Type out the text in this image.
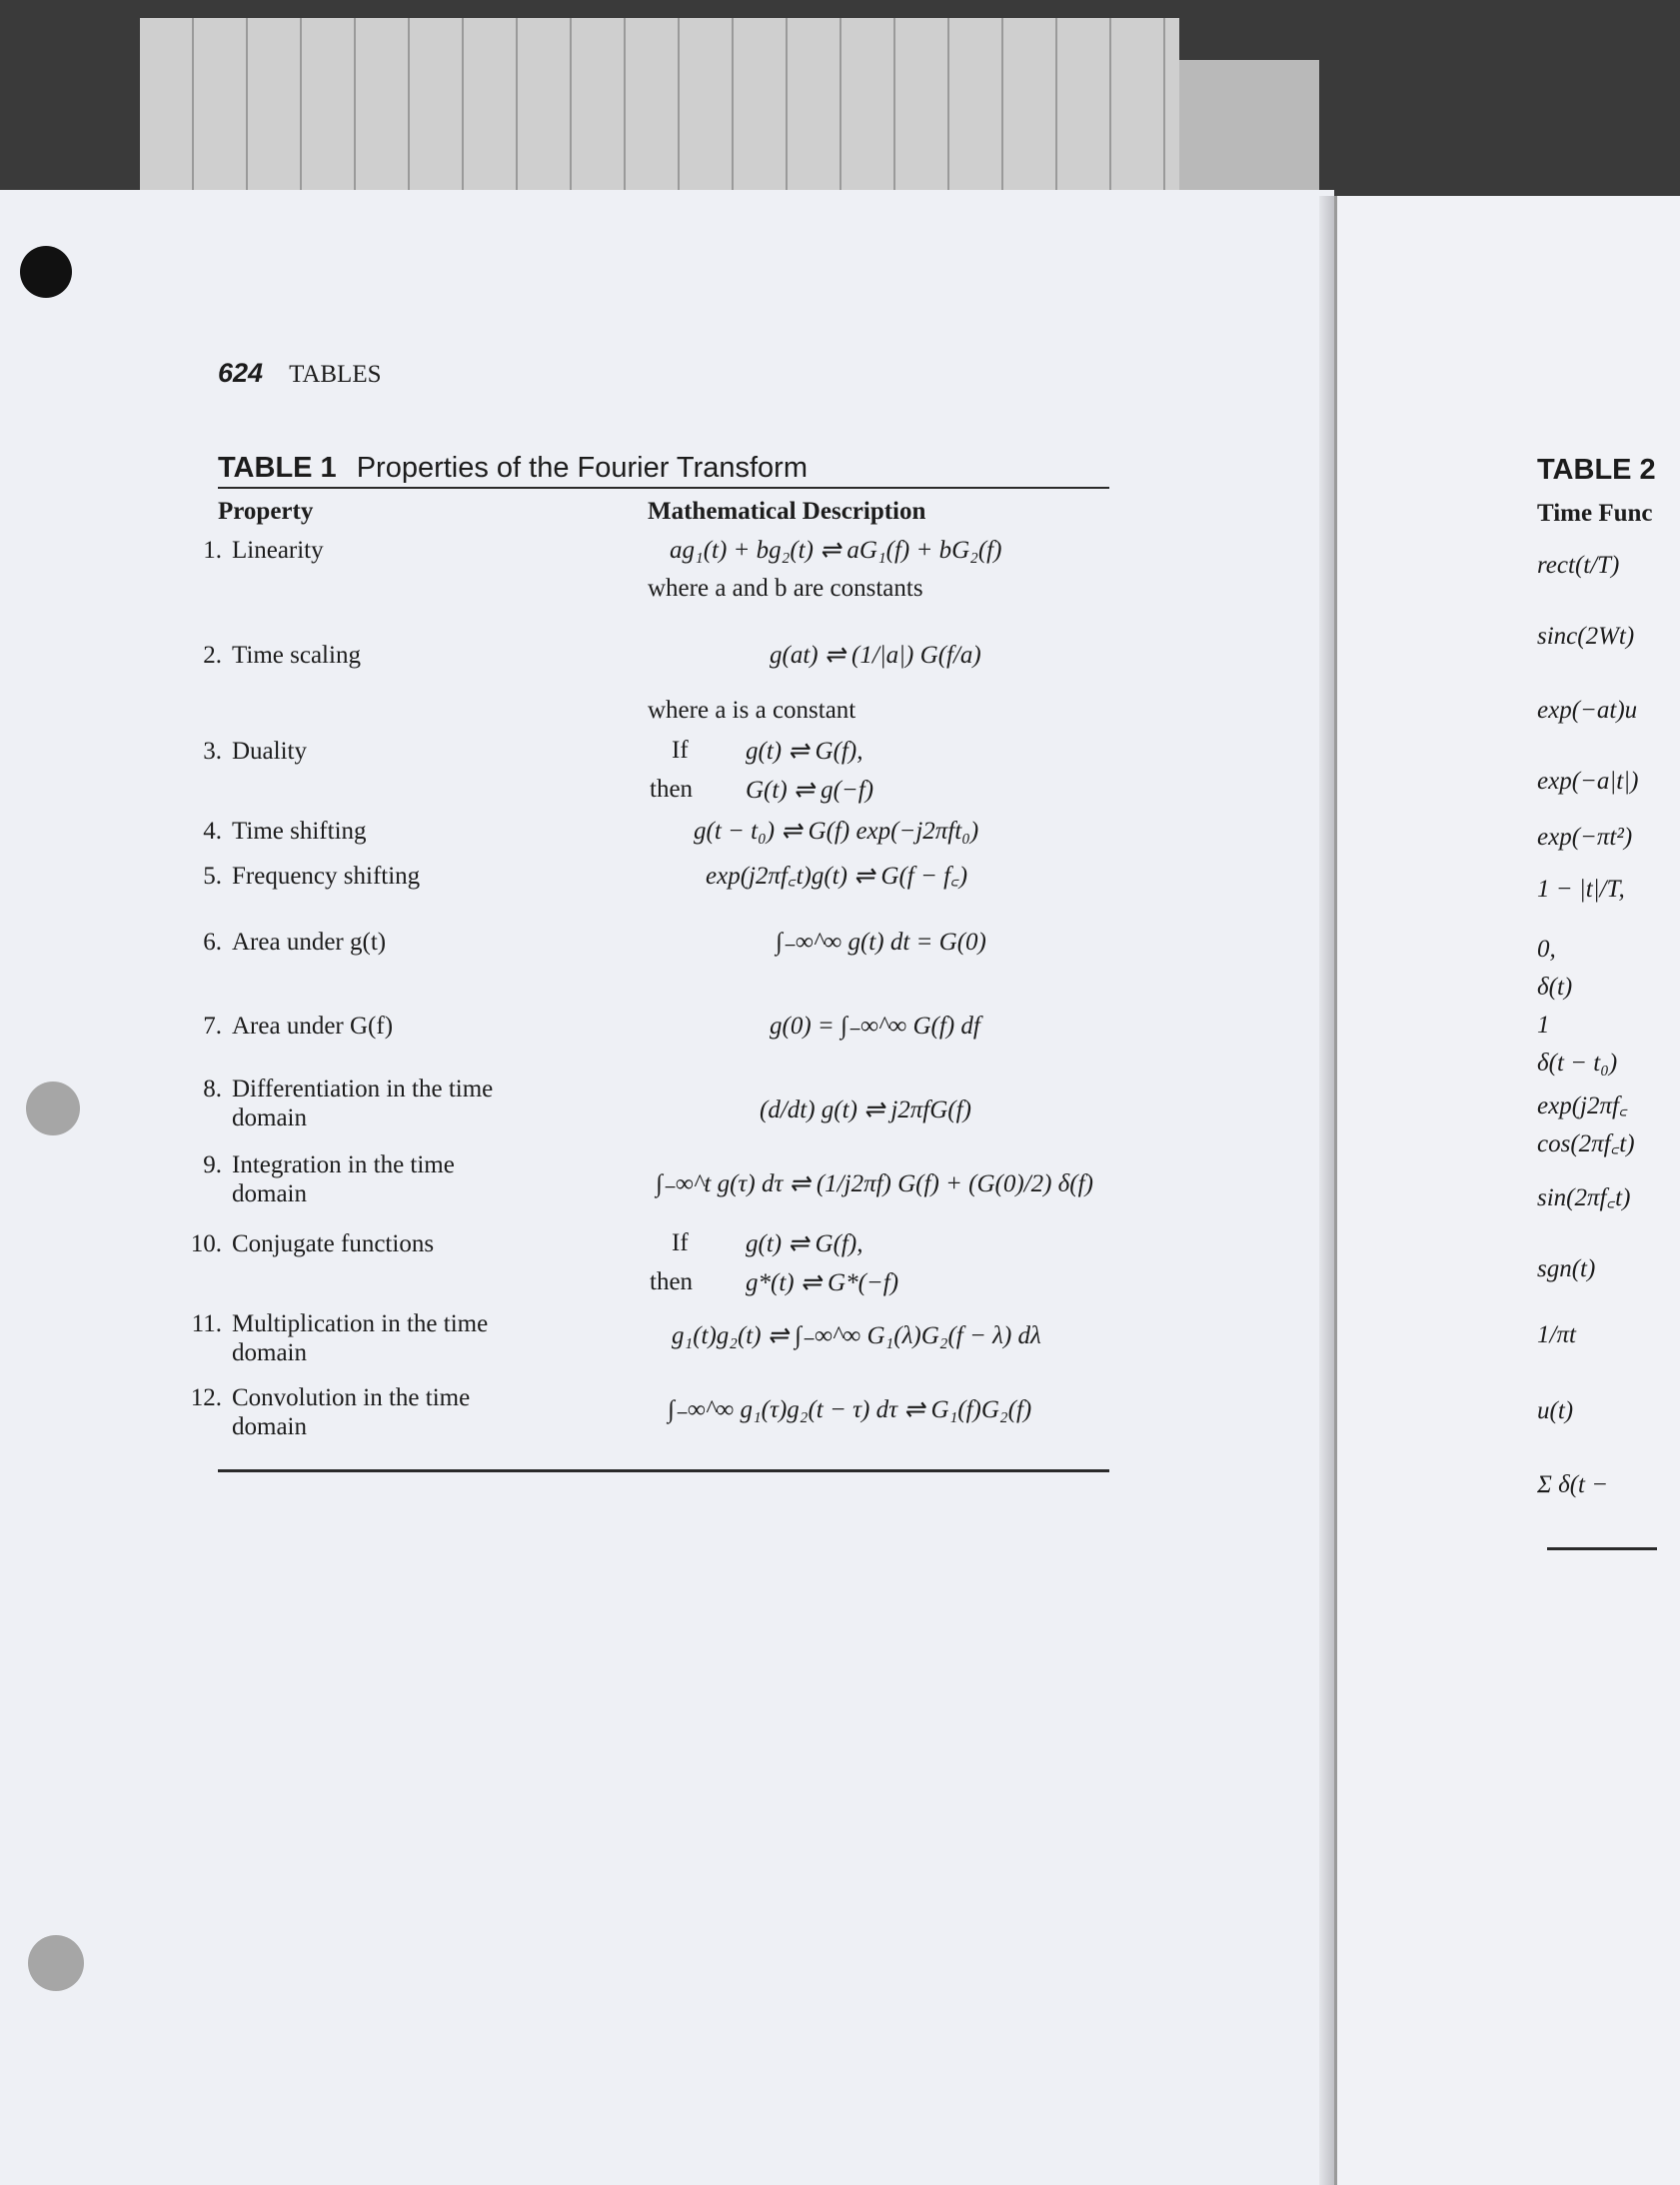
624 TABLES
TABLE 1 Properties of the Fourier Transform
Property	Mathematical Description
1. Linearity
2. Time scaling
3. Duality
4. Time shifting
5. Frequency shifting
6. Area under g(t)
7. Area under G(f)
8. Differentiation in the time domain
9. Integration in the time domain
10. Conjugate functions
11. Multiplication in the time domain
12. Convolution in the time domain
ag₁(t) + bg₂(t) ⇌ aG₁(f) + bG₂(f)
where a and b are constants
g(at) ⇌ (1/|a|) G(f/a)
where a is a constant
If g(t) ⇌ G(f),
then G(t) ⇌ g(−f)
g(t − t₀) ⇌ G(f) exp(−j2πft₀)
exp(j2πf꜀t)g(t) ⇌ G(f − f꜀)
∫₋∞^∞ g(t) dt = G(0)
g(0) = ∫₋∞^∞ G(f) df
(d/dt) g(t) ⇌ j2πfG(f)
∫₋∞^t g(τ) dτ ⇌ (1/j2πf) G(f) + (G(0)/2) δ(f)
If g(t) ⇌ G(f),
then g*(t) ⇌ G*(−f)
g₁(t)g₂(t) ⇌ ∫₋∞^∞ G₁(λ)G₂(f − λ) dλ
∫₋∞^∞ g₁(τ)g₂(t − τ) dτ ⇌ G₁(f)G₂(f)
TABLE 2
Time Func
rect(t/T)
sinc(2Wt)
exp(−at)u
exp(−a|t|)
exp(−πt²)
1 − |t|/T,
0,
δ(t)
1
δ(t − t₀)
exp(j2πf꜀
cos(2πf꜀t)
sin(2πf꜀t)
sgn(t)
1/πt
u(t)
Σ δ(t −
